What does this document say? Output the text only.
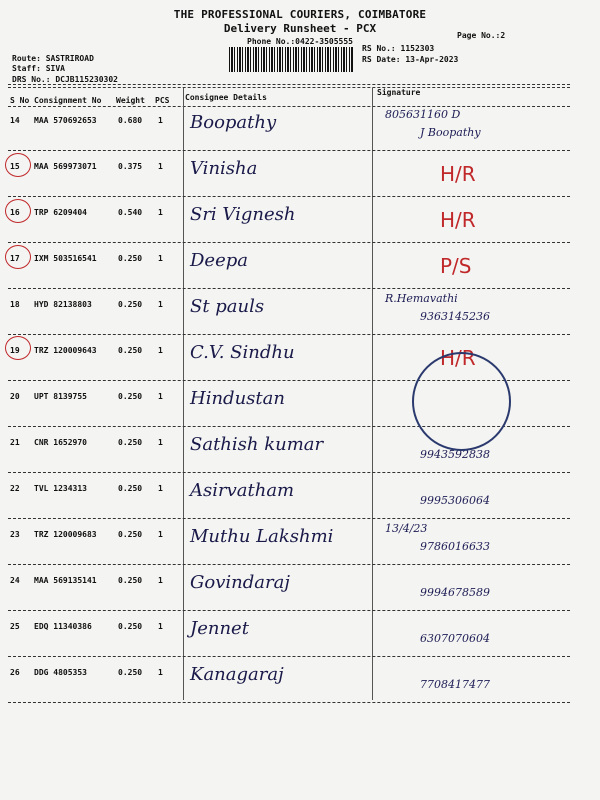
THE PROFESSIONAL COURIERS, COIMBATORE
Delivery Runsheet - PCX
Phone No.:0422-3505555
Page No.:2
Route: SASTRIROAD
Staff: SIVA
DRS No.: DCJB115230302
RS No.: 1152303
RS Date: 13-Apr-2023
S No Consignment No Weight PCS Consignee Details
Signature
14 MAA 570692653	0.680 1 Boopathy	805631160 D
J Boopathy
15 MAA 569973071	0.375 1 Vinisha	H/R
16 TRP 6209404	0.540 1 Sri Vignesh	H/R
17 IXM 503516541	0.250 1 Deepa	P/S
18 HYD 82138803	0.250 1 St pauls	R.Hemavathi
9363145236
19 TRZ 120009643	0.250 1 C.V. Sindhu	H/R
20 UPT 8139755	0.250 1 Hindustan
21 CNR 1652970	0.250 1 Sathish kumar	9943592838
22 TVL 1234313	0.250 1 Asirvatham	9995306064
23 TRZ 120009683	0.250 1 Muthu Lakshmi	13/4/23
9786016633
24 MAA 569135141	0.250 1 Govindaraj	9994678589
25 EDQ 11340386	0.250 1 Jennet	6307070604
26 DDG 4805353	0.250 1 Kanagaraj	7708417477
